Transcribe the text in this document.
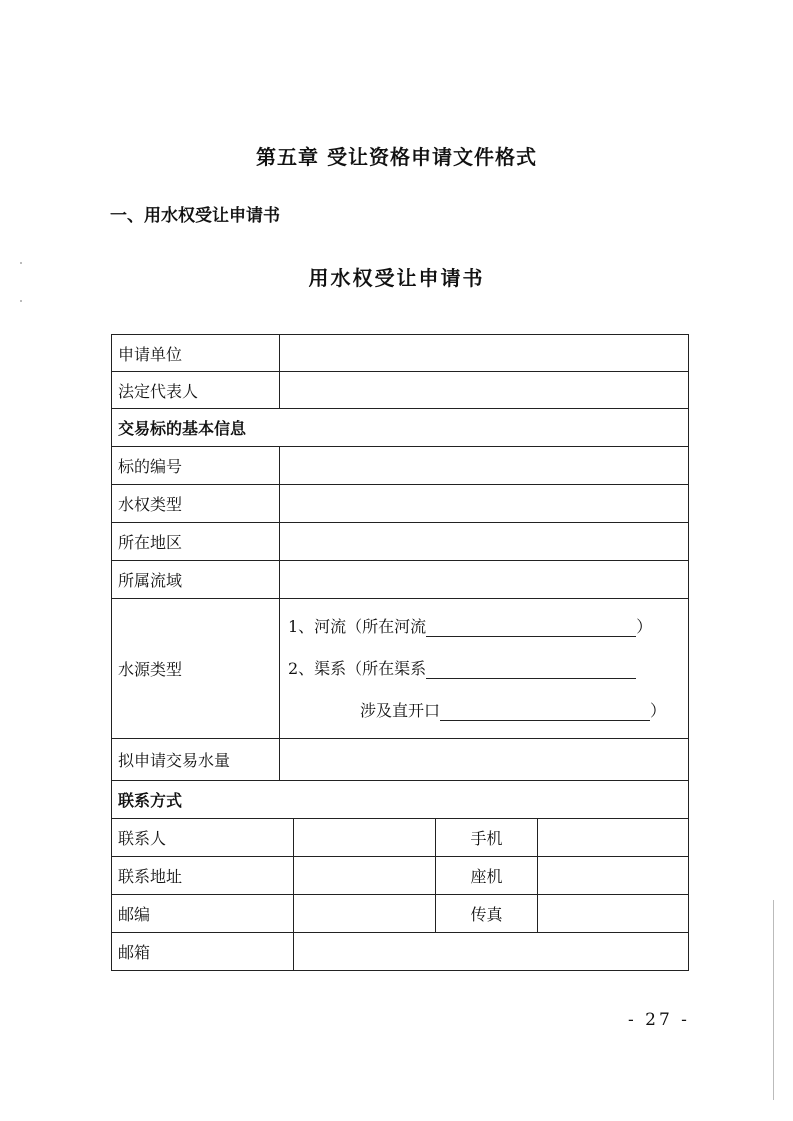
第五章 受让资格申请文件格式
一、用水权受让申请书
用水权受让申请书
申请单位	
法定代表人	
交易标的基本信息	
标的编号	
水权类型	
所在地区	
所属流域	
水源类型	1、河流（所在河流 ）
2、渠系（所在渠系
涉及直开口 ）

拟申请交易水量	
联系方式	
联系人		手机	
联系地址		座机	
邮编		传真	
邮箱			
- 27 -
